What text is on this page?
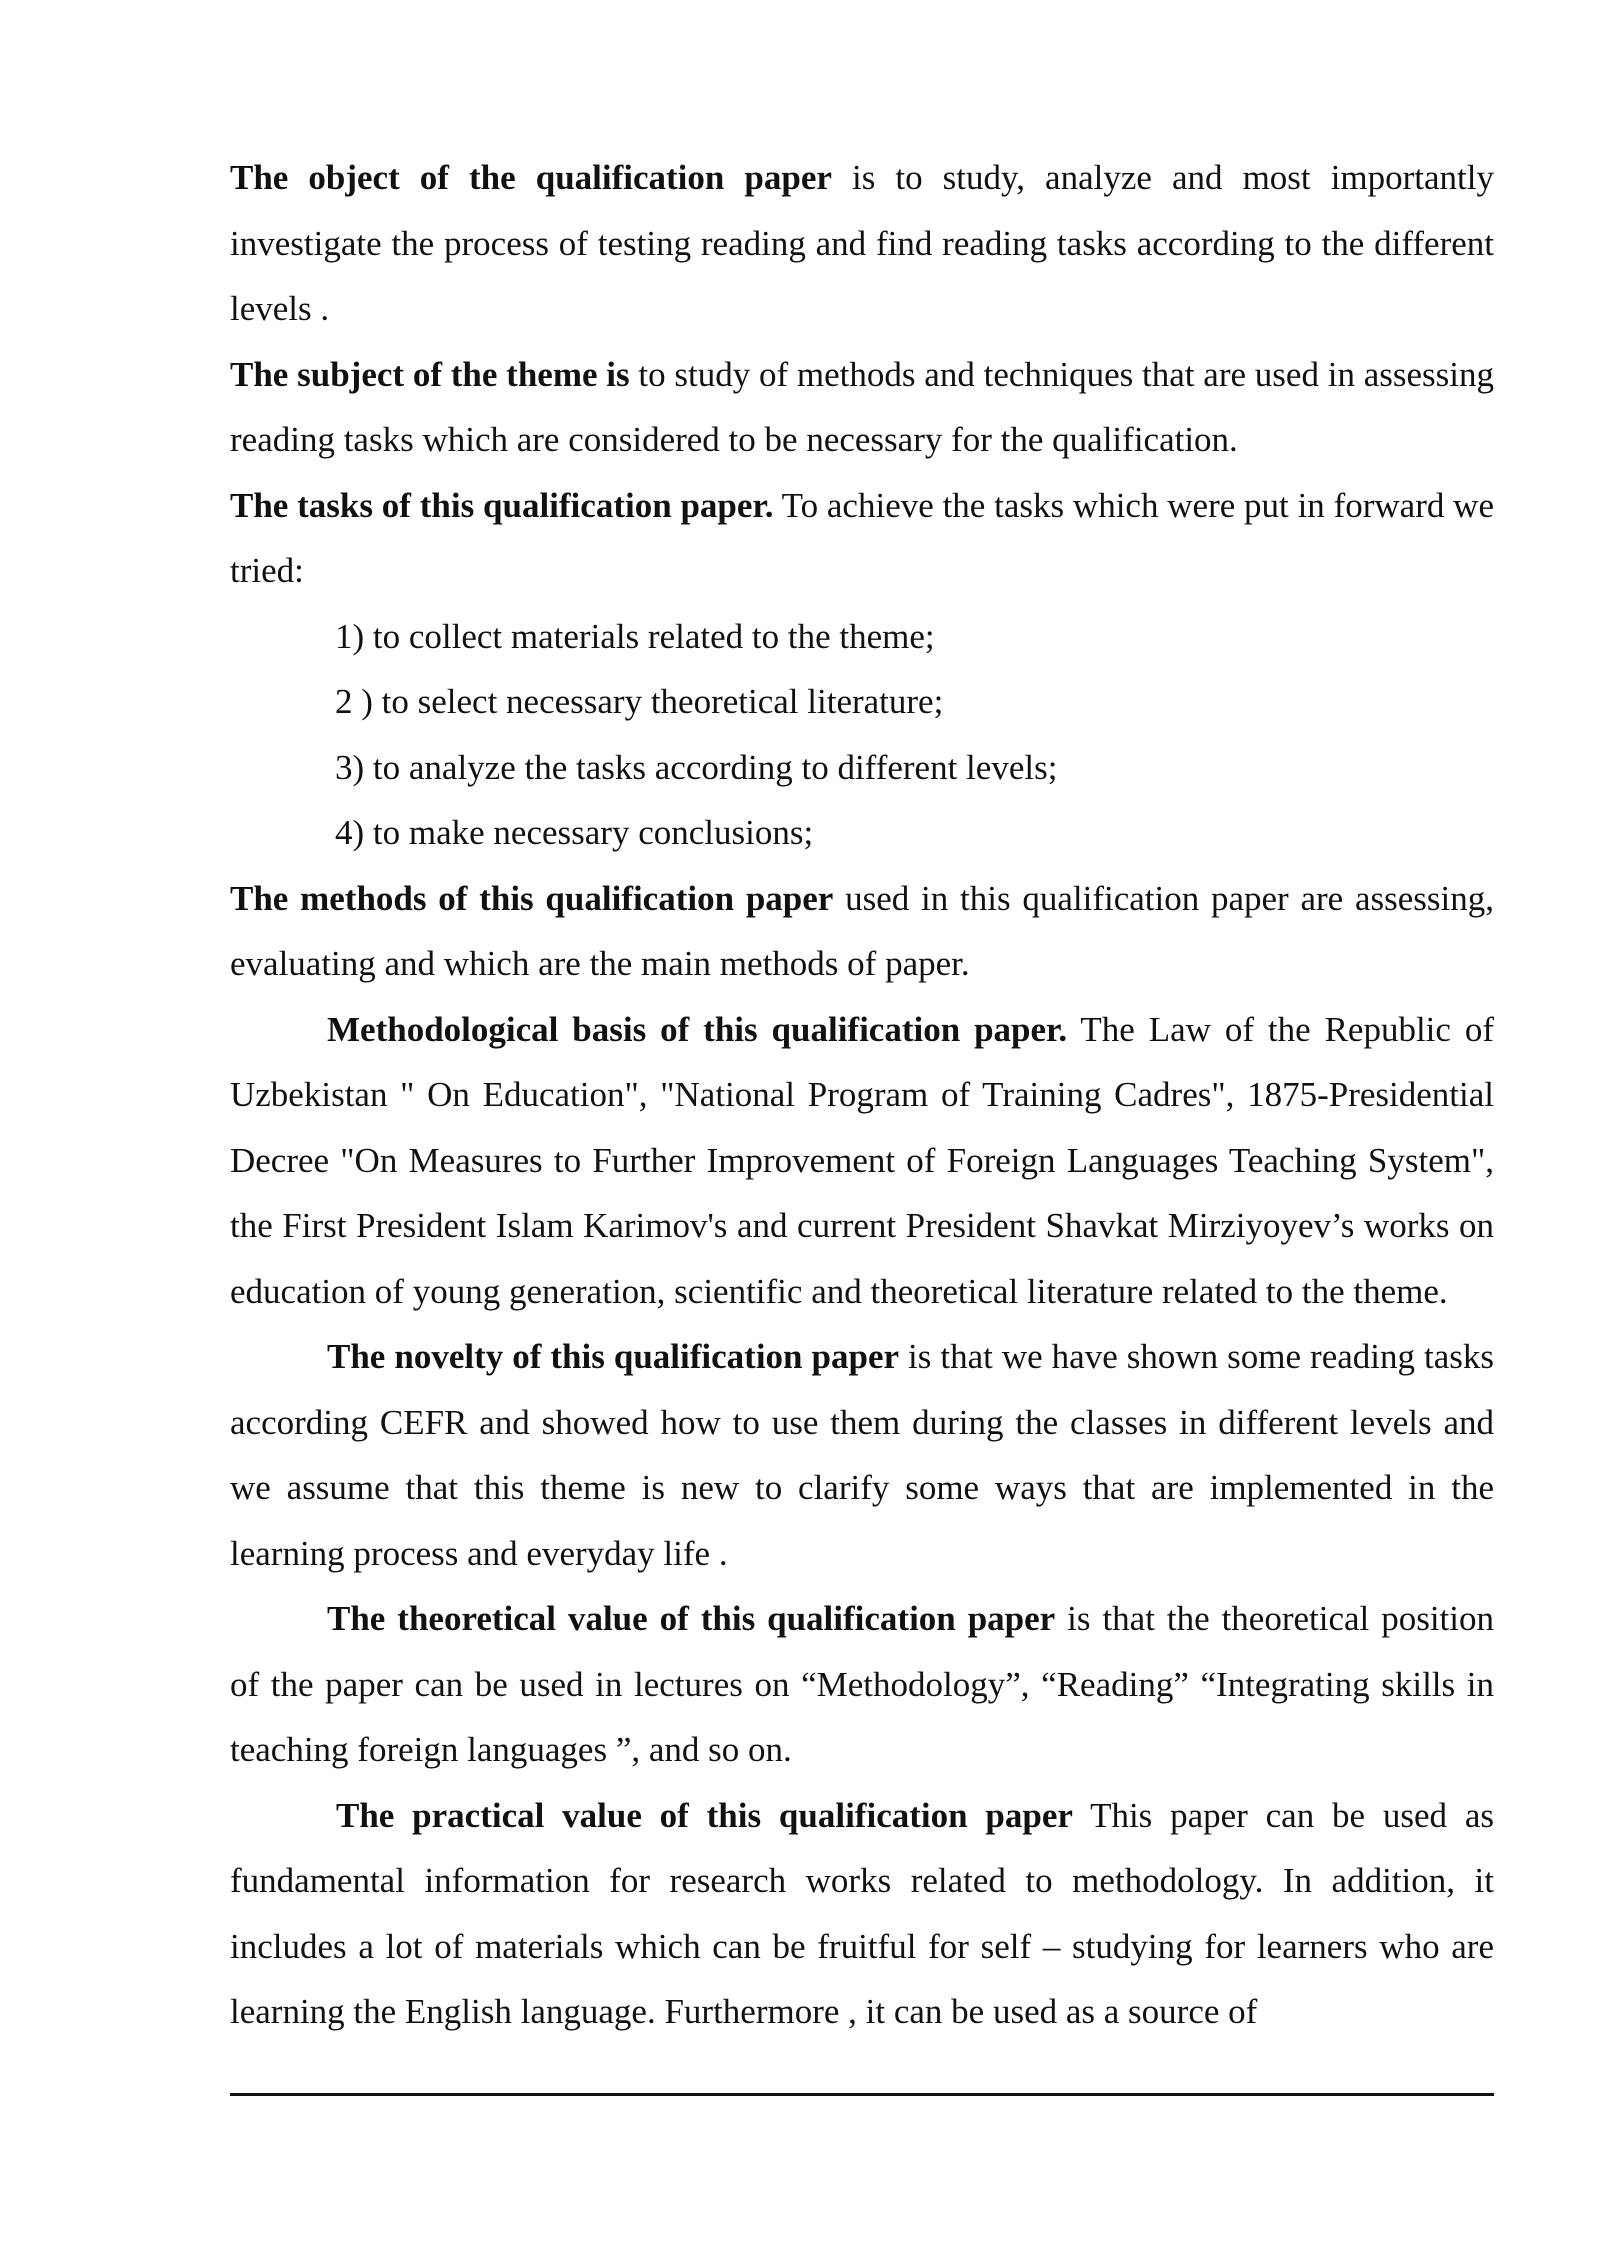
The object of the qualification paper is to study, analyze and most importantly investigate the process of testing reading and find reading tasks according to the different levels .

The subject of the theme is to study of methods and techniques that are used in assessing reading tasks which are considered to be necessary for the qualification.

The tasks of this qualification paper. To achieve the tasks which were put in forward we tried:

1) to collect materials related to the theme;
2 ) to select necessary theoretical literature;
3) to analyze the tasks according to different levels;
4) to make necessary conclusions;

The methods of this qualification paper used in this qualification paper are assessing, evaluating and which are the main methods of paper.

Methodological basis of this qualification paper. The Law of the Republic of Uzbekistan " On Education", "National Program of Training Cadres", 1875-Presidential Decree "On Measures to Further Improvement of Foreign Languages Teaching System", the First President Islam Karimov's and current President Shavkat Mirziyoyev’s works on education of young generation, scientific and theoretical literature related to the theme.

The novelty of this qualification paper is that we have shown some reading tasks according CEFR and showed how to use them during the classes in different levels and we assume that this theme is new to clarify some ways that are implemented in the learning process and everyday life .

The theoretical value of this qualification paper is that the theoretical position of the paper can be used in lectures on “Methodology”, “Reading” “Integrating skills in teaching foreign languages ”, and so on.

The practical value of this qualification paper This paper can be used as fundamental information for research works related to methodology. In addition, it includes a lot of materials which can be fruitful for self – studying for learners who are learning the English language. Furthermore , it can be used as a source of
